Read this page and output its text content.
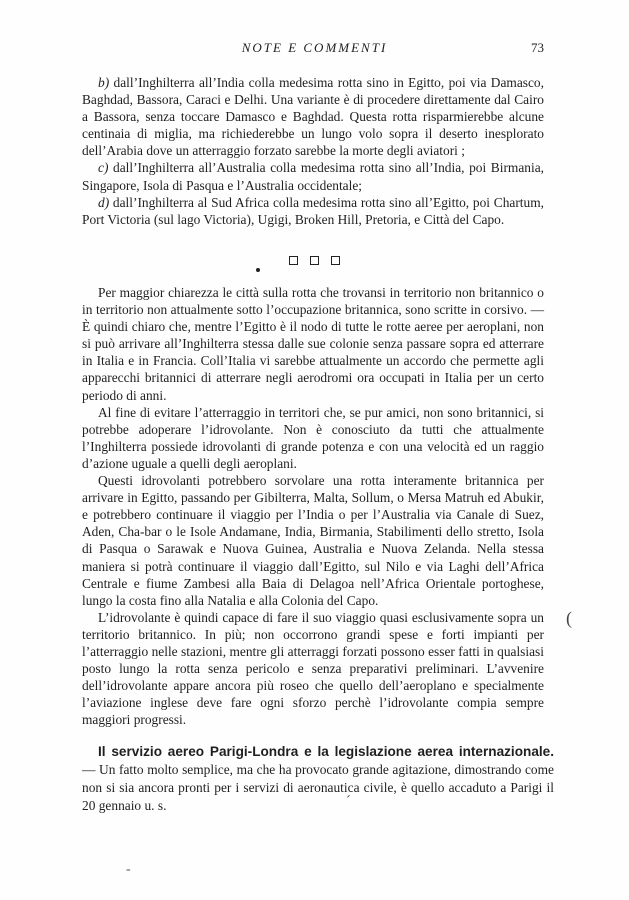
NOTE E COMMENTI	73

b) dall’Inghilterra all’India colla medesima rotta sino in Egitto, poi via Damasco, Baghdad, Bassora, Caraci e Delhi. Una variante è di procedere direttamente dal Cairo a Bassora, senza toccare Damasco e Baghdad. Questa rotta risparmierebbe alcune centinaia di miglia, ma richiederebbe un lungo volo sopra il deserto inesplorato dell’Arabia dove un atterraggio forzato sarebbe la morte degli aviatori ;

c) dall’Inghilterra all’Australia colla medesima rotta sino all’India, poi Birmania, Singapore, Isola di Pasqua e l’Australia occidentale;

d) dall’Inghilterra al Sud Africa colla medesima rotta sino all’Egitto, poi Chartum, Port Victoria (sul lago Victoria), Ugigi, Broken Hill, Pretoria, e Città del Capo.

Per maggior chiarezza le città sulla rotta che trovansi in territorio non britannico o in territorio non attualmente sotto l’occupazione britannica, sono scritte in corsivo. — È quindi chiaro che, mentre l’Egitto è il nodo di tutte le rotte aeree per aeroplani, non si può arrivare all’Inghilterra stessa dalle sue colonie senza passare sopra ed atterrare in Italia e in Francia. Coll’Italia vi sarebbe attualmente un accordo che permette agli apparecchi britannici di atterrare negli aerodromi ora occupati in Italia per un certo periodo di anni.

Al fine di evitare l’atterraggio in territori che, se pur amici, non sono britannici, si potrebbe adoperare l’idrovolante. Non è conosciuto da tutti che attualmente l’Inghilterra possiede idrovolanti di grande potenza e con una velocità ed un raggio d’azione uguale a quelli degli aeroplani.

Questi idrovolanti potrebbero sorvolare una rotta interamente britannica per arrivare in Egitto, passando per Gibilterra, Malta, Sollum, o Mersa Matruh ed Abukir, e potrebbero continuare il viaggio per l’India o per l’Australia via Canale di Suez, Aden, Cha-bar o le Isole Andamane, India, Birmania, Stabilimenti dello stretto, Isola di Pasqua o Sarawak e Nuova Guinea, Australia e Nuova Zelanda. Nella stessa maniera si potrà continuare il viaggio dall’Egitto, sul Nilo e via Laghi dell’Africa Centrale e fiume Zambesi alla Baia di Delagoa nell’Africa Orientale portoghese, lungo la costa fino alla Natalia e alla Colonia del Capo.

L’idrovolante è quindi capace di fare il suo viaggio quasi esclusivamente sopra un territorio britannico. In più; non occorrono grandi spese e forti impianti per l’atterraggio nelle stazioni, mentre gli atterraggi forzati possono esser fatti in qualsiasi posto lungo la rotta senza pericolo e senza preparativi preliminari. L’avvenire dell’idrovolante appare ancora più roseo che quello dell’aeroplano e specialmente l’aviazione inglese deve fare ogni sforzo perchè l’idrovolante compia sempre maggiori progressi.

Il servizio aereo Parigi-Londra e la legislazione aerea internazionale. — Un fatto molto semplice, ma che ha provocato grande agitazione, dimostrando come non si sia ancora pronti per i servizi di aeronautica civile, è quello accaduto a Parigi il 20 gennaio u. s.

(
´
-
